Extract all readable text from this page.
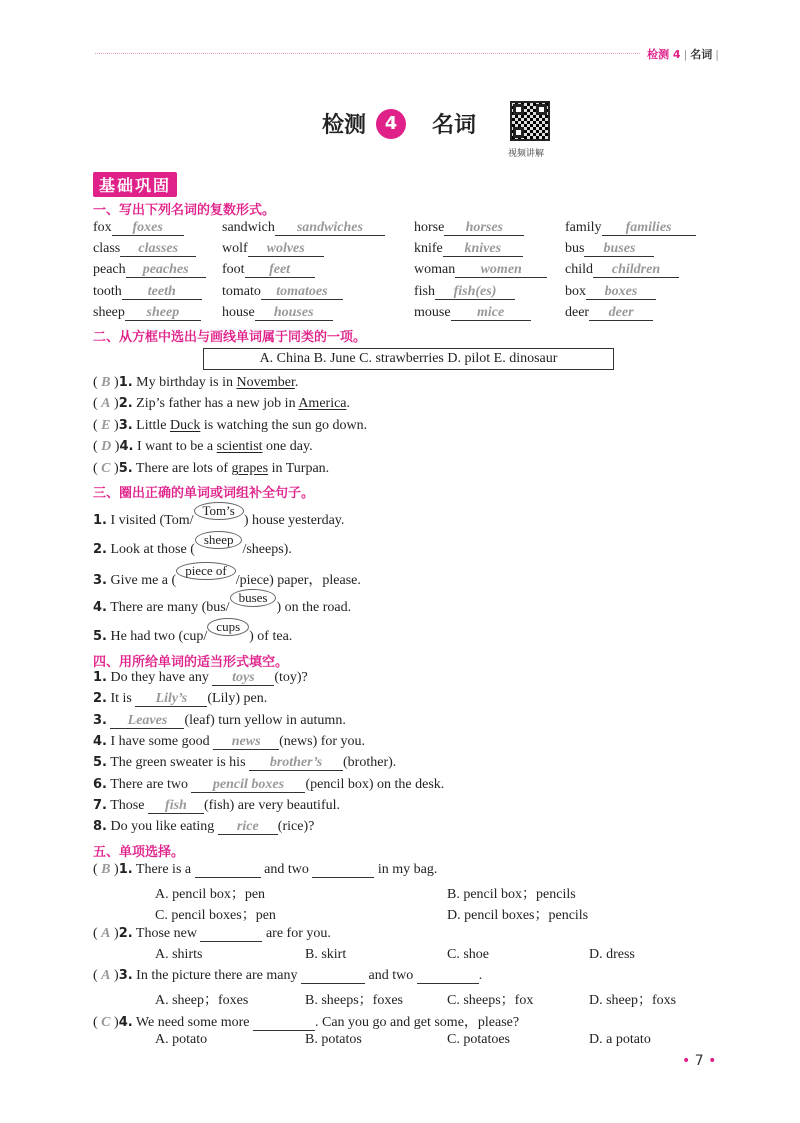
检测 4 | 名词 |
检测	4	名词
视频讲解
基础巩固
一、写出下列名词的复数形式。
fox foxes	sandwich sandwiches	horse horses	family families
class classes	wolf wolves	knife knives	bus buses
peach peaches	foot feet	woman women	child children
tooth teeth	tomato tomatoes	fish fish(es)	box boxes
sheep sheep	house houses	mouse mice	deer deer
二、从方框中选出与画线单词属于同类的一项。
A. China B. June C. strawberries D. pilot E. dinosaur
( B )1. My birthday is in November.
( A )2. Zip’s father has a new job in America.
( E )3. Little Duck is watching the sun go down.
( D )4. I want to be a scientist one day.
( C )5. There are lots of grapes in Turpan.
三、圈出正确的单词或词组补全句子。
1. I visited (Tom/Tom’s) house yesterday.
2. Look at those (sheep/sheeps).
3. Give me a (piece of/piece) paper，please.
4. There are many (bus/buses) on the road.
5. He had two (cup/cups) of tea.
四、用所给单词的适当形式填空。
1. Do they have any toys (toy)?
2. It is Lily’s (Lily) pen.
3. Leaves (leaf) turn yellow in autumn.
4. I have some good news (news) for you.
5. The green sweater is his brother’s (brother).
6. There are two pencil boxes (pencil box) on the desk.
7. Those fish (fish) are very beautiful.
8. Do you like eating rice (rice)?
五、单项选择。
( B )1. There is a	and two	in my bag.
A. pencil box；pen	B. pencil box；pencils
C. pencil boxes；pen	D. pencil boxes；pencils
( A )2. Those new	are for you.
A. shirts	B. skirt	C. shoe	D. dress
( A )3. In the picture there are many	and two	.
A. sheep；foxes	B. sheeps；foxes	C. sheeps；fox	D. sheep；foxs
( C )4. We need some more	. Can you go and get some，please?
A. potato	B. potatos	C. potatoes	D. a potato
• 7 •
